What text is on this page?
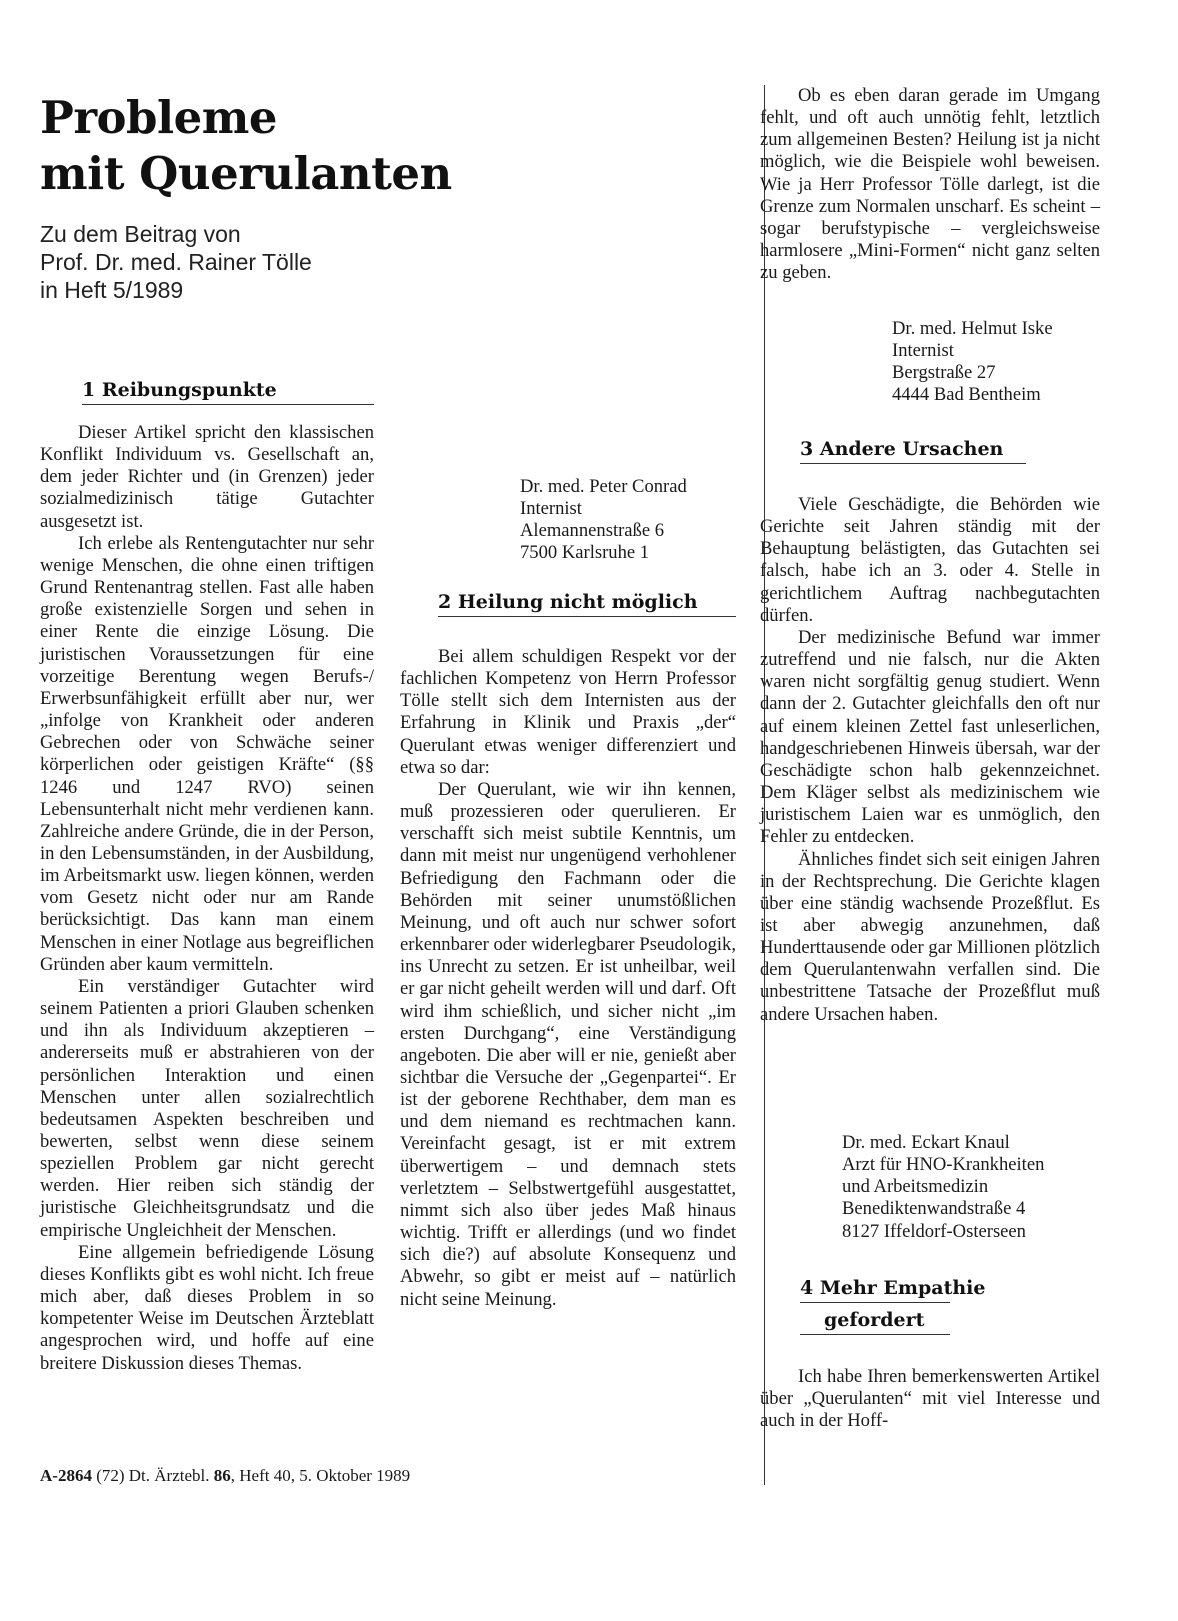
Probleme
mit Querulanten
Zu dem Beitrag von
Prof. Dr. med. Rainer Tölle
in Heft 5/1989
1 Reibungspunkte

Dieser Artikel spricht den klassischen Konflikt Individuum vs. Gesellschaft an, dem jeder Richter und (in Grenzen) jeder sozialmedizinisch tätige Gutachter ausgesetzt ist.

Ich erlebe als Rentengutachter nur sehr wenige Menschen, die ohne einen triftigen Grund Rentenantrag stellen. Fast alle haben große existenzielle Sorgen und sehen in einer Rente die einzige Lösung. Die juristischen Voraussetzungen für eine vorzeitige Berentung wegen Berufs-/ Erwerbsunfähigkeit erfüllt aber nur, wer „infolge von Krankheit oder anderen Gebrechen oder von Schwäche seiner körperlichen oder geistigen Kräfte“ (§§ 1246 und 1247 RVO) seinen Lebensunterhalt nicht mehr verdienen kann. Zahlreiche andere Gründe, die in der Person, in den Lebensumständen, in der Ausbildung, im Arbeitsmarkt usw. liegen können, werden vom Gesetz nicht oder nur am Rande berücksichtigt. Das kann man einem Menschen in einer Notlage aus begreiflichen Gründen aber kaum vermitteln.

Ein verständiger Gutachter wird seinem Patienten a priori Glauben schenken und ihn als Individuum akzeptieren – andererseits muß er abstrahieren von der persönlichen Interaktion und einen Menschen unter allen sozialrechtlich bedeutsamen Aspekten beschreiben und bewerten, selbst wenn diese seinem speziellen Problem gar nicht gerecht werden. Hier reiben sich ständig der juristische Gleichheitsgrundsatz und die empirische Ungleichheit der Menschen.

Eine allgemein befriedigende Lösung dieses Konflikts gibt es wohl nicht. Ich freue mich aber, daß dieses Problem in so kompetenter Weise im Deutschen Ärzteblatt angesprochen wird, und hoffe auf eine breitere Diskussion dieses Themas.

Dr. med. Peter Conrad
Internist
Alemannenstraße 6
7500 Karlsruhe 1
2 Heilung nicht möglich

Bei allem schuldigen Respekt vor der fachlichen Kompetenz von Herrn Professor Tölle stellt sich dem Internisten aus der Erfahrung in Klinik und Praxis „der“ Querulant etwas weniger differenziert und etwa so dar:

Der Querulant, wie wir ihn kennen, muß prozessieren oder querulieren. Er verschafft sich meist subtile Kenntnis, um dann mit meist nur ungenügend verhohlener Befriedigung den Fachmann oder die Behörden mit seiner unumstößlichen Meinung, und oft auch nur schwer sofort erkennbarer oder widerlegbarer Pseudologik, ins Unrecht zu setzen. Er ist unheilbar, weil er gar nicht geheilt werden will und darf. Oft wird ihm schießlich, und sicher nicht „im ersten Durchgang“, eine Verständigung angeboten. Die aber will er nie, genießt aber sichtbar die Versuche der „Gegenpartei“. Er ist der geborene Rechthaber, dem man es und dem niemand es rechtmachen kann. Vereinfacht gesagt, ist er mit extrem überwertigem – und demnach stets verletztem – Selbstwertgefühl ausgestattet, nimmt sich also über jedes Maß hinaus wichtig. Trifft er allerdings (und wo findet sich die?) auf absolute Konsequenz und Abwehr, so gibt er meist auf – natürlich nicht seine Meinung.

Ob es eben daran gerade im Umgang fehlt, und oft auch unnötig fehlt, letztlich zum allgemeinen Besten? Heilung ist ja nicht möglich, wie die Beispiele wohl beweisen. Wie ja Herr Professor Tölle darlegt, ist die Grenze zum Normalen unscharf. Es scheint – sogar berufstypische – vergleichsweise harmlosere „Mini-Formen“ nicht ganz selten zu geben.

Dr. med. Helmut Iske
Internist
Bergstraße 27
4444 Bad Bentheim
3 Andere Ursachen

Viele Geschädigte, die Behörden wie Gerichte seit Jahren ständig mit der Behauptung belästigten, das Gutachten sei falsch, habe ich an 3. oder 4. Stelle in gerichtlichem Auftrag nachbegutachten dürfen.

Der medizinische Befund war immer zutreffend und nie falsch, nur die Akten waren nicht sorgfältig genug studiert. Wenn dann der 2. Gutachter gleichfalls den oft nur auf einem kleinen Zettel fast unleserlichen, handgeschriebenen Hinweis übersah, war der Geschädigte schon halb gekennzeichnet. Dem Kläger selbst als medizinischem wie juristischem Laien war es unmöglich, den Fehler zu entdecken.

Ähnliches findet sich seit einigen Jahren in der Rechtsprechung. Die Gerichte klagen über eine ständig wachsende Prozeßflut. Es ist aber abwegig anzunehmen, daß Hunderttausende oder gar Millionen plötzlich dem Querulantenwahn verfallen sind. Die unbestrittene Tatsache der Prozeßflut muß andere Ursachen haben.

Dr. med. Eckart Knaul
Arzt für HNO-Krankheiten
und Arbeitsmedizin
Benediktenwandstraße 4
8127 Iffeldorf-Osterseen
4 Mehr Empathie
gefordert

Ich habe Ihren bemerkenswerten Artikel über „Querulanten“ mit viel Interesse und auch in der Hoff-

A-2864 (72) Dt. Ärztebl. 86, Heft 40, 5. Oktober 1989
